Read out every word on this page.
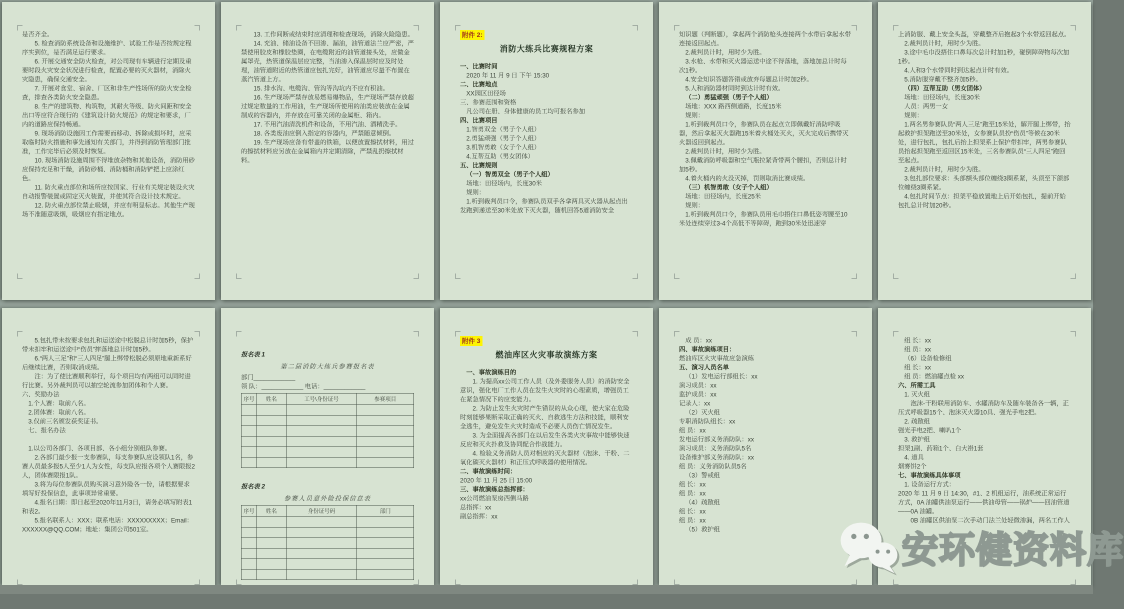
是否齐全。

5. 检查消防系统设备和设施维护、试验工作是否按规定程序实到位，是否满足运行要求。

6. 开展交通安全防火检查，对公司现有车辆进行定期及重要时段火灾安全状况进行检查，配置必要的灭火器材，消除火灾隐患，确保交通安全。

7. 开展对食堂、宿舍、厂区和非生产性场所的防火安全检查，排查各类防火安全隐患。

8. 生产的建筑物、构筑物，其耐火等级、防火间距和安全出口等应符合现行的《建筑设计防火规范》的规定和要求，厂内的道路应保持畅通。

9. 现场消防设施因工作需要而移动、拆除或损坏时，应采取临时防火措施和事先通知有关部门，并得到消防管理部门批准，工作完毕后必须及时恢复。

10. 现场消防设施周围不得堆放杂物和其他设备，消防用砂应保持充足和干燥，消防砂桶、消防桶和消防铲把上应涂红色。

11. 防火重点部位和场所应按国家、行业有关规定装设火灾自动报警装置或固定灭火装置，并使其符合设计技术规定。

12. 防火重点部位禁止吸烟，并应有明显标志。其他生产现场不准随意吸烟，吸烟应有指定地点。

13. 工作间断或结束时应清理和检查现场，消除火险隐患。

14. 充油、储油设备不回渗、漏油，油管道法兰应严密，严禁使用胶皮和橡胶垫圈，在电缆附近的油管道接头处，应做金属罩壳，热管道保温层应完整，当油渗入保温层时应及时处理，油管道附近的热管道应包扎完好，油管道应尽量不布置在蒸汽管道上方。

15. 排水沟、电缆沟、管沟等沟坑内不应有积油。

16. 生产现场严禁存放易燃易爆物品，生产现场严禁存放超过规定数量的工作用油，生产现场所使用的油类应装放在金属制成的容器内，并存放在可靠关闭的金属柜、箱内。

17. 不用汽油清洗机件和设备，不用汽油、酒精洗手。

18. 各类废油应倒入指定的容器内，严禁随意倾倒。

19. 生产现场应备有带盖的铁箱，以便放置擦拭材料，用过的擦拭材料应另放在金属箱内并定期清除，严禁乱扔擦拭材料。

附件 2:

消防大练兵比赛规程方案

一、比赛时间

2020 年 11 月 9 日 下午 15:30

二、比赛地点

XX园区田径场

三、参赛范围和资格

凡公司在册、身体健康的员工均可报名参加

四、比赛项目

1.智勇双全（男子个人组）

2.勇猛顽强（男子个人组）

3.机智勇敢（女子个人组）

4.互帮互助（男女团体）

五、比赛规则

（一）智勇双全（男子个人组）

场地：田径场内，长度30米

规则：

1.听到裁判员口令，参赛队员双手各拿两具灭火器从起点出发跑到递送至30米处放下灭火器，随机回答5道消防安全

知识题（判断题），拿起两个消防枪头连接两个水带后拿起水带连接返回起点。

2.裁判员计时，用时少为胜。

3.水枪、水带和灭火器运送中途不得落地，落地加总计时每次1秒。

4.安全知识答题答错或放弃每题总计时加2秒。

5.人和消防器材同时到达计时有效。

（二）勇猛顽强（男子个人组）

场地：XXX 路西侧道路，长度15米

规则：

1.听到裁判员口令，参赛队员在起点立即佩戴好消防呼吸器，然后拿起灭火器跑15米着火桶处灭火，灭火完成后携带灭火器返回到起点。

2.裁判员计时，用时少为胜。

3.佩戴消防呼吸器和空气瓶拉紧背带两个腰扣，否则总计时加5秒。

4.着火桶内的火没灭掉，罚则取消比赛成绩。

（三）机智勇敢（女子个人组）

场地：田径场内，长度25米

规则：

1.听到裁判员口令，参赛队员用毛巾捂住口鼻低姿弯腰至10米处连续穿过3-4个高低不等障碍，跑到30米处迅速穿

上消防服、戴上安全头盔，穿戴整齐后抱起3个水带返回起点。

2.裁判员计时，用时少为胜。

3.途中毛巾没捂住口鼻每次总计时加1秒，碰倒障碍物每次加1秒。

4.人和3个水带同时到达起点计时有效。

5.消防服穿戴不整齐加5秒。

（四）互帮互助（男女团体）

场地：田径场内，长度30米

人员：两男一女

规则：

1.两名男参赛队员“两人三足”跑至15米处，解开腿上绑带，抬起救护担架跑送至30米处，女参赛队员扮“伤员”等候在30米处，进行包扎，包扎后抬上担架系上保护带扣牢，两男参赛队员抬起担架跑至返回区15米处，三名参赛队员“三人四足”跑回至起点。

2.裁判员计时，用时少为胜。

3.包扎部位要求：头部额头部位缠绕3圈系紧，头顶至下颌部位缠绕3圈系紧。

4.包扎时间节点：担架平稳放置地上后开始包扎，提前开始包扎总计时加20秒。

5.包扎带未按要求包扎和运送途中松脱总计时加5秒，保护带未扣牢和运送途中“伤员”摔落地总计时加5秒。

6.“两人三足”和“三人四足”腿上绑带松脱必须原地重新系好后继续比赛，否则取消成绩。

注：为了使比赛顺利举行，每个项目均有两组可以同时进行比赛。另外裁判员可以抽空轮流参加团体和个人赛。

六、奖励办法

1.个人赛：取前八名。

2.团体赛：取前八名。

3.仅前三名颁发获奖证书。

七、报名办法

1.以公司各部门、各项目部、各小组分别组队参赛。

2.各部门最少报一支参赛队，每支参赛队应设领队1名，参赛人员最多报5人至少1人为女性，每支队应报各项个人赛限报2人，团体赛限报1队。

3.将为每位参赛队员购买演习意外险各一份，请根据要求填写好投保信息，此事项异常重要。

4.报名日期：即日起至2020年11月3日，请务必填写附表1和表2。

5.报名联系人：XXX；联系电话：XXXXXXXXX；Email：XXXXXX@QQ.COM；地址：集团公司501室。

报名表 1

第二届消防大练兵参赛报名表

部门____________

领 队：____________ 电话：____________

序号	姓名	工号\身份证号	参赛项目

报名表 2

参赛人员意外险投保信息表

序号	姓名	身份证号码	部门

附件 3

燃油库区火灾事故演练方案

一、事故演练目的

1. 为提高xx公司工作人员（及外委服务人员）的消防安全意识，强化电厂工作人员在发生火灾时的心理素质，增强员工在紧急情况下的应变能力。

2. 为防止发生火灾时产生错误的从众心理，使大家在危险时刻能够果断采取正确的灭火、自救逃生方法和技能，顺利安全逃生，避免发生火灾时造成不必要人员伤亡情况发生。

3. 为全面提高各部门在以后发生各类火灾事故中能够快速反应和灭火扑救及协同配合作战能力。

4. 检验义务消防人员对相应的灭火器材（泡沫、干粉、二氧化碳灭火器材）和正压式呼吸器的使用情况。

二、事故演练时间：

2020 年 11 月 25 日 15:00

三、事故演练总指挥部：

xx公司燃油泵房西侧马路

总指挥：xx

副总指挥：xx

成 员：xx

四、事故演练项目：

燃油库区火灾事故应急演练

五、演习人员名单

（1）发电运行部组长：xx

演习成员：xx

监护成员：xx

记录人：xx

（2）灭火组

专职消防队组长：xx

组 员：xx

发电运行部义务消防队：xx

演习成员：义务消防队5名

设备维护部义务消防队：xx

组 员：义务消防队员5名

（3）警戒组

组 长：xx

组 员：xx

（4）疏散组

组 长：xx

组 员：xx

（5）救护组

组 长：xx

组 员：xx

（6）设备检修组

组 长：xx

组 员：燃油罐点检 xx

六、所需工具

1. 灭火组

泡沫-干粉联用消防车、水罐消防车及随车装备各一辆，正压式呼吸器15个、泡沫灭火器10具、强光手电2把。

2. 疏散组

强光手电2把、喇叭1个

3. 救护组

担架1副、药箱1个、白大褂1套

4. 道具

烟雾饼2个

七、事故演练具体事项

1. 设备运行方式：

2020 年 11 月 9 日 14:30，#1、2 机组运行，油系统正常运行方式，0A 油罐供油泵运行——供油母管——锅炉——回油管道——0A 油罐。

0B 油罐区供油泵二次手动门法兰处轻微渗漏，两名工作人

安环健资料库
